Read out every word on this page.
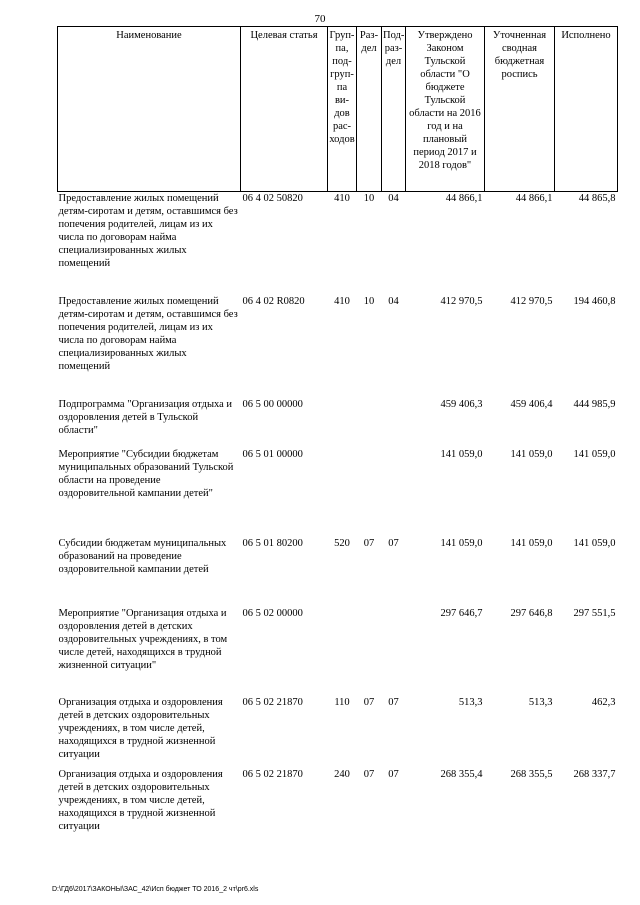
70
Наименование	Целевая статья	Груп-па, под-груп-па ви-дов рас-ходов	Раз-дел	Под-раз-дел	Утверждено Законом Тульской области "О бюджете Тульской области на 2016 год и на плановый период 2017 и 2018 годов"	Уточненная сводная бюджетная роспись	Исполнено
Предоставление жилых помещений детям-сиротам и детям, оставшимся без попечения родителей, лицам из их числа по договорам найма специализированных жилых помещений	06 4 02 50820	410	10	04	44 866,1	44 866,1	44 865,8
Предоставление жилых помещений детям-сиротам и детям, оставшимся без попечения родителей, лицам из их числа по договорам найма специализированных жилых помещений	06 4 02 R0820	410	10	04	412 970,5	412 970,5	194 460,8
Подпрограмма "Организация отдыха и оздоровления детей в Тульской области"	06 5 00 00000				459 406,3	459 406,4	444 985,9
Мероприятие "Субсидии бюджетам муниципальных образований Тульской области на проведение оздоровительной кампании детей"	06 5 01 00000				141 059,0	141 059,0	141 059,0
Субсидии бюджетам муниципальных образований на проведение оздоровительной кампании детей	06 5 01 80200	520	07	07	141 059,0	141 059,0	141 059,0
Мероприятие "Организация отдыха и оздоровления детей в детских оздоровительных учреждениях, в том числе детей, находящихся в трудной жизненной ситуации"	06 5 02 00000				297 646,7	297 646,8	297 551,5
Организация отдыха и оздоровления детей в детских оздоровительных учреждениях, в том числе детей, находящихся в трудной жизненной ситуации	06 5 02 21870	110	07	07	513,3	513,3	462,3
Организация отдыха и оздоровления детей в детских оздоровительных учреждениях, в том числе детей, находящихся в трудной жизненной ситуации	06 5 02 21870	240	07	07	268 355,4	268 355,5	268 337,7
D:\ГД6\2017\ЗАКОНЫ\ЗАС_42\Исп бюджет ТО 2016_2 чт\pr6.xls
